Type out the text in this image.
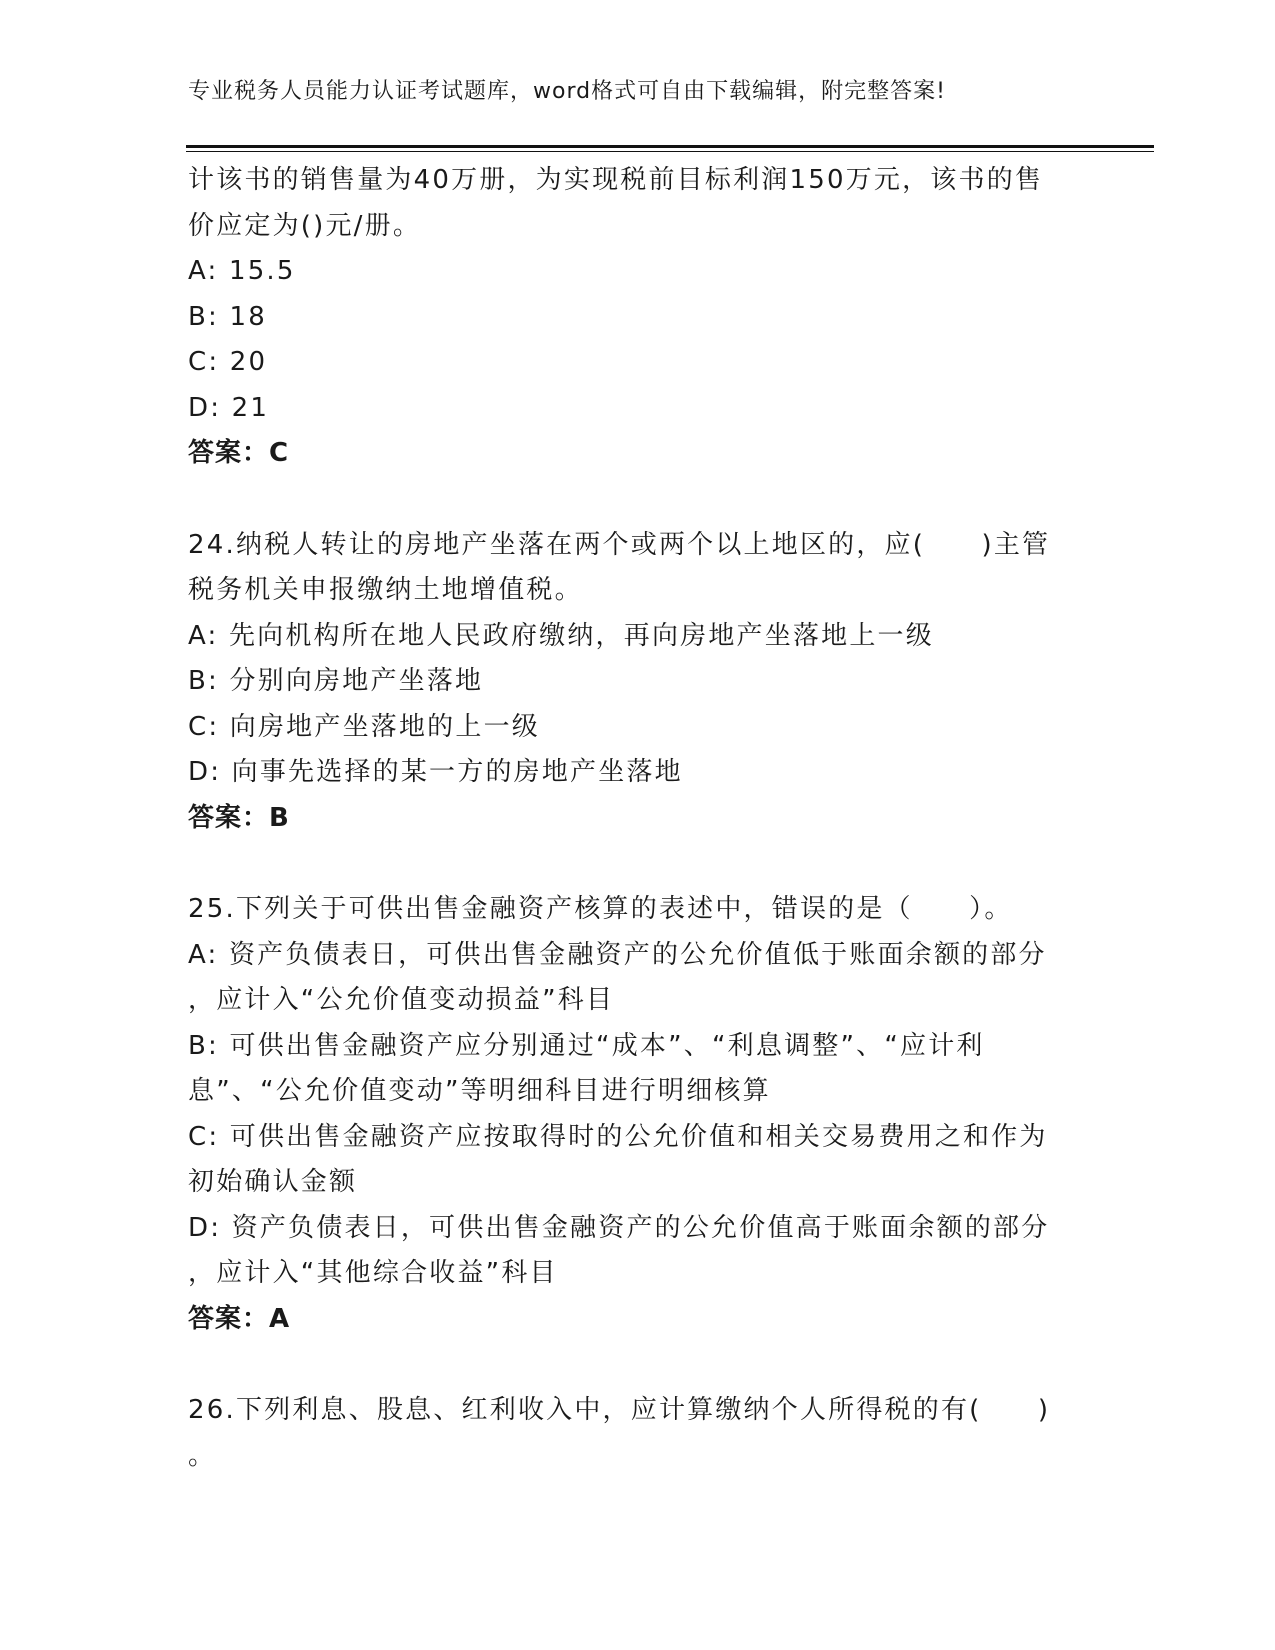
专业税务人员能力认证考试题库，word格式可自由下载编辑，附完整答案!
计该书的销售量为40万册，为实现税前目标利润150万元，该书的售
价应定为()元/册。
A: 15.5
B: 18
C: 20
D: 21
答案：C
24.纳税人转让的房地产坐落在两个或两个以上地区的，应(　　)主管
税务机关申报缴纳土地增值税。
A: 先向机构所在地人民政府缴纳，再向房地产坐落地上一级
B: 分别向房地产坐落地
C: 向房地产坐落地的上一级
D: 向事先选择的某一方的房地产坐落地
答案：B
25.下列关于可供出售金融资产核算的表述中，错误的是（　　）。
A: 资产负债表日，可供出售金融资产的公允价值低于账面余额的部分
，应计入“公允价值变动损益”科目
B: 可供出售金融资产应分别通过“成本”、“利息调整”、“应计利
息”、“公允价值变动”等明细科目进行明细核算
C: 可供出售金融资产应按取得时的公允价值和相关交易费用之和作为
初始确认金额
D: 资产负债表日，可供出售金融资产的公允价值高于账面余额的部分
，应计入“其他综合收益”科目
答案：A
26.下列利息、股息、红利收入中，应计算缴纳个人所得税的有(　　)
。
